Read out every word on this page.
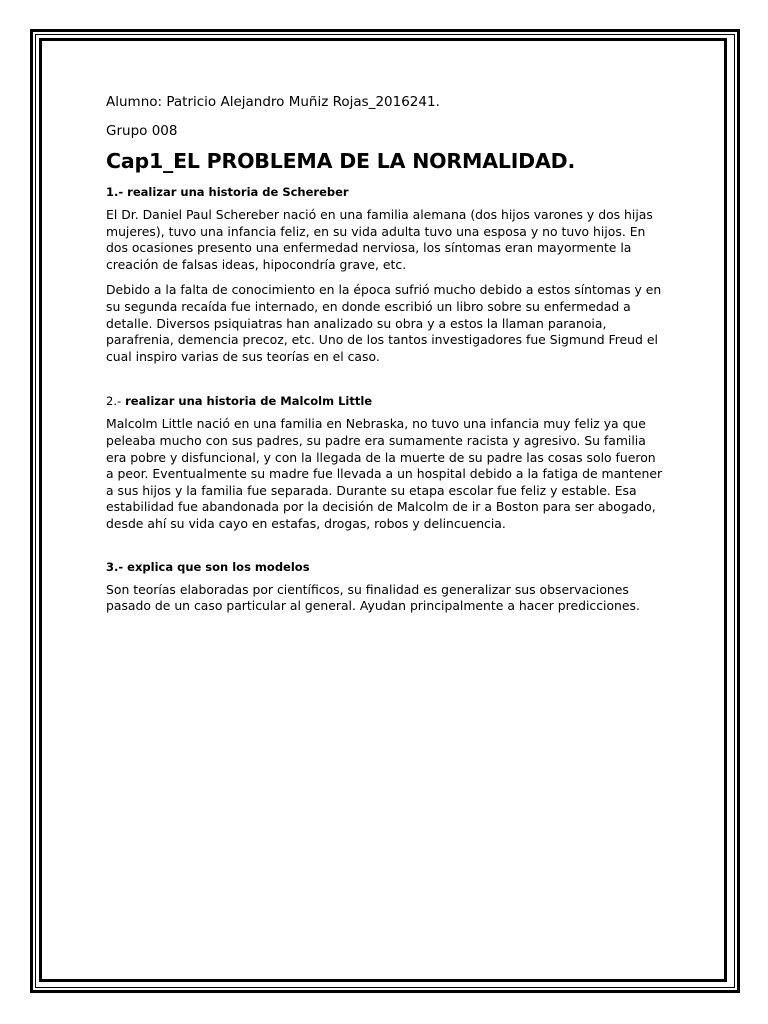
Alumno: Patricio Alejandro Muñiz Rojas_2016241.

Grupo 008

Cap1_EL PROBLEMA DE LA NORMALIDAD.

1.- realizar una historia de Schereber

El Dr. Daniel Paul Schereber nació en una familia alemana (dos hijos varones y dos hijas mujeres), tuvo una infancia feliz, en su vida adulta tuvo una esposa y no tuvo hijos. En dos ocasiones presento una enfermedad nerviosa, los síntomas eran mayormente la creación de falsas ideas, hipocondría grave, etc.

Debido a la falta de conocimiento en la época sufrió mucho debido a estos síntomas y en su segunda recaída fue internado, en donde escribió un libro sobre su enfermedad a detalle. Diversos psiquiatras han analizado su obra y a estos la llaman paranoia, parafrenia, demencia precoz, etc. Uno de los tantos investigadores fue Sigmund Freud el cual inspiro varias de sus teorías en el caso.

2.- realizar una historia de Malcolm Little

Malcolm Little nació en una familia en Nebraska, no tuvo una infancia muy feliz ya que peleaba mucho con sus padres, su padre era sumamente racista y agresivo. Su familia era pobre y disfuncional, y con la llegada de la muerte de su padre las cosas solo fueron a peor. Eventualmente su madre fue llevada a un hospital debido a la fatiga de mantener a sus hijos y la familia fue separada. Durante su etapa escolar fue feliz y estable. Esa estabilidad fue abandonada por la decisión de Malcolm de ir a Boston para ser abogado, desde ahí su vida cayo en estafas, drogas, robos y delincuencia.

3.- explica que son los modelos

Son teorías elaboradas por científicos, su finalidad es generalizar sus observaciones pasado de un caso particular al general. Ayudan principalmente a hacer predicciones.
